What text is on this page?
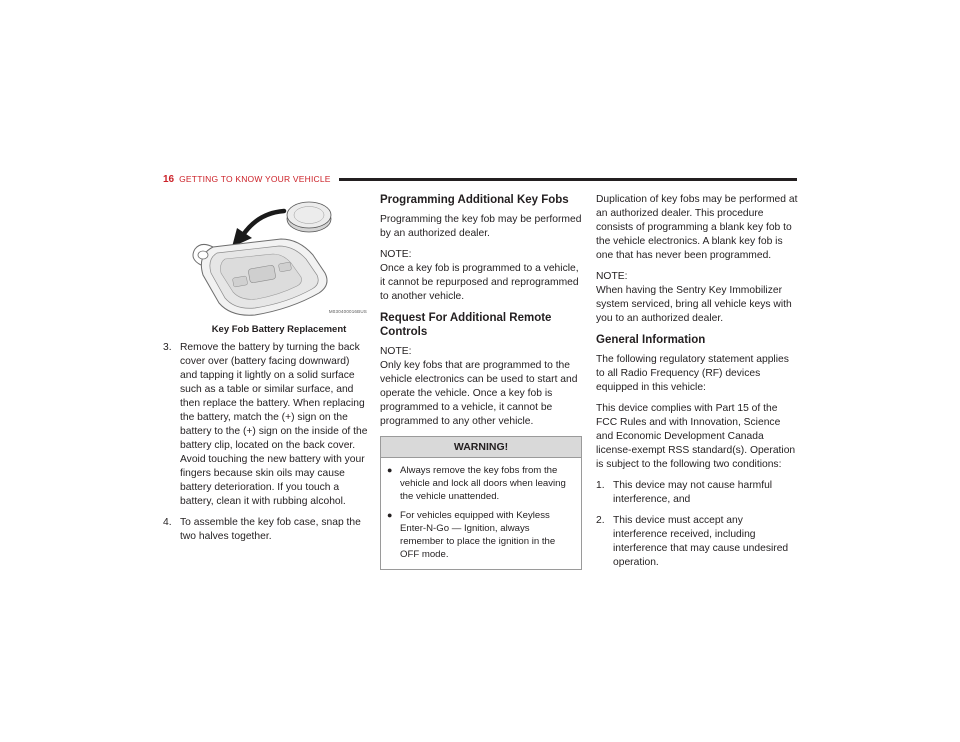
16 GETTING TO KNOW YOUR VEHICLE
M030400016BUS
Key Fob Battery Replacement
3. Remove the battery by turning the back cover over (battery facing downward) and tapping it lightly on a solid surface such as a table or similar surface, and then replace the battery. When replacing the battery, match the (+) sign on the battery to the (+) sign on the inside of the battery clip, located on the back cover. Avoid touching the new battery with your fingers because skin oils may cause battery deterioration. If you touch a battery, clean it with rubbing alcohol.
4. To assemble the key fob case, snap the two halves together.
Programming Additional Key Fobs

Programming the key fob may be performed by an authorized dealer.

NOTE:
Once a key fob is programmed to a vehicle, it cannot be repurposed and reprogrammed to another vehicle.

Request For Additional Remote Controls

NOTE:
Only key fobs that are programmed to the vehicle electronics can be used to start and operate the vehicle. Once a key fob is programmed to a vehicle, it cannot be programmed to any other vehicle.

WARNING!
● Always remove the key fobs from the vehicle and lock all doors when leaving the vehicle unattended.
● For vehicles equipped with Keyless Enter-N-Go — Ignition, always remember to place the ignition in the OFF mode.

Duplication of key fobs may be performed at an authorized dealer. This procedure consists of programming a blank key fob to the vehicle electronics. A blank key fob is one that has never been programmed.

NOTE:
When having the Sentry Key Immobilizer system serviced, bring all vehicle keys with you to an authorized dealer.

General Information

The following regulatory statement applies to all Radio Frequency (RF) devices equipped in this vehicle:

This device complies with Part 15 of the FCC Rules and with Innovation, Science and Economic Development Canada license-exempt RSS standard(s). Operation is subject to the following two conditions:

1. This device may not cause harmful interference, and
2. This device must accept any interference received, including interference that may cause undesired operation.
